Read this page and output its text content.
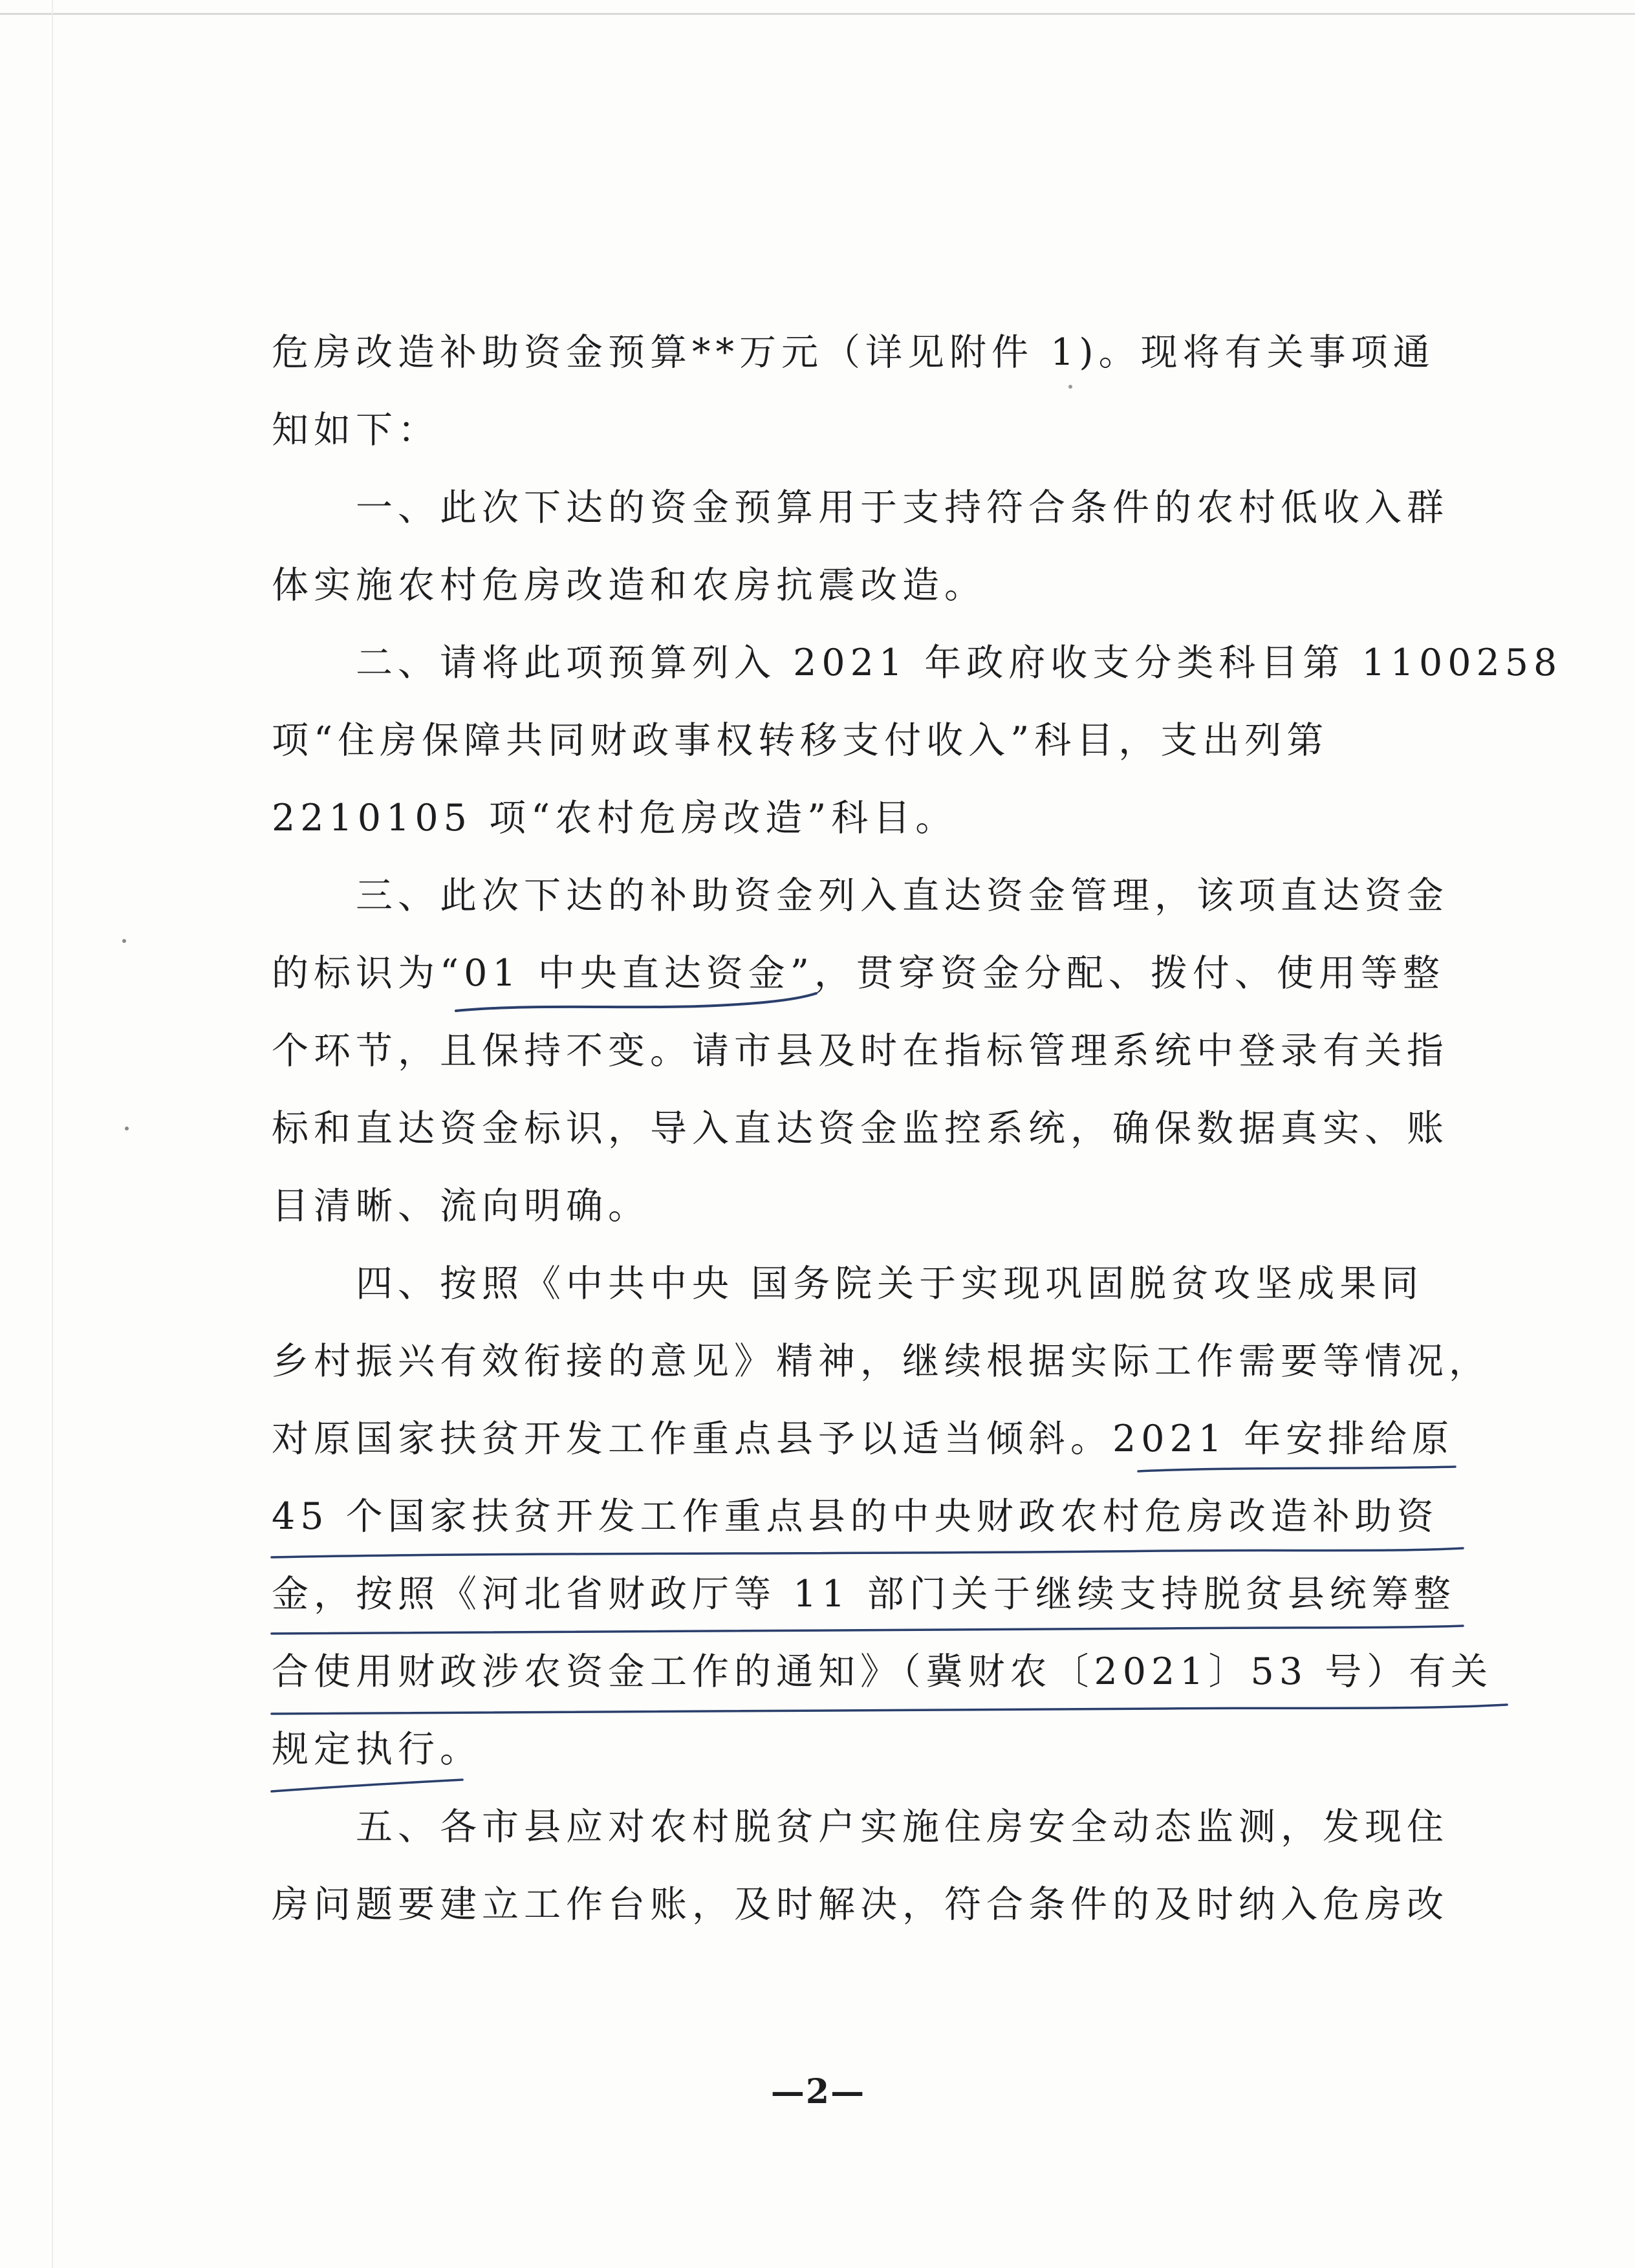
危房改造补助资金预算**万元（详见附件 1)。现将有关事项通
知如下：
　　一、此次下达的资金预算用于支持符合条件的农村低收入群
体实施农村危房改造和农房抗震改造。
　　二、请将此项预算列入 2021 年政府收支分类科目第 1100258
项“住房保障共同财政事权转移支付收入”科目，支出列第
2210105 项“农村危房改造”科目。
　　三、此次下达的补助资金列入直达资金管理，该项直达资金
的标识为“01 中央直达资金”，贯穿资金分配、拨付、使用等整
个环节，且保持不变。请市县及时在指标管理系统中登录有关指
标和直达资金标识，导入直达资金监控系统，确保数据真实、账
目清晰、流向明确。
　　四、按照《中共中央 国务院关于实现巩固脱贫攻坚成果同
乡村振兴有效衔接的意见》精神，继续根据实际工作需要等情况，
对原国家扶贫开发工作重点县予以适当倾斜。2021 年安排给原
45 个国家扶贫开发工作重点县的中央财政农村危房改造补助资
金，按照《河北省财政厅等 11 部门关于继续支持脱贫县统筹整
合使用财政涉农资金工作的通知》（冀财农〔2021〕53 号）有关
规定执行。
　　五、各市县应对农村脱贫户实施住房安全动态监测，发现住
房问题要建立工作台账，及时解决，符合条件的及时纳入危房改
—2—
